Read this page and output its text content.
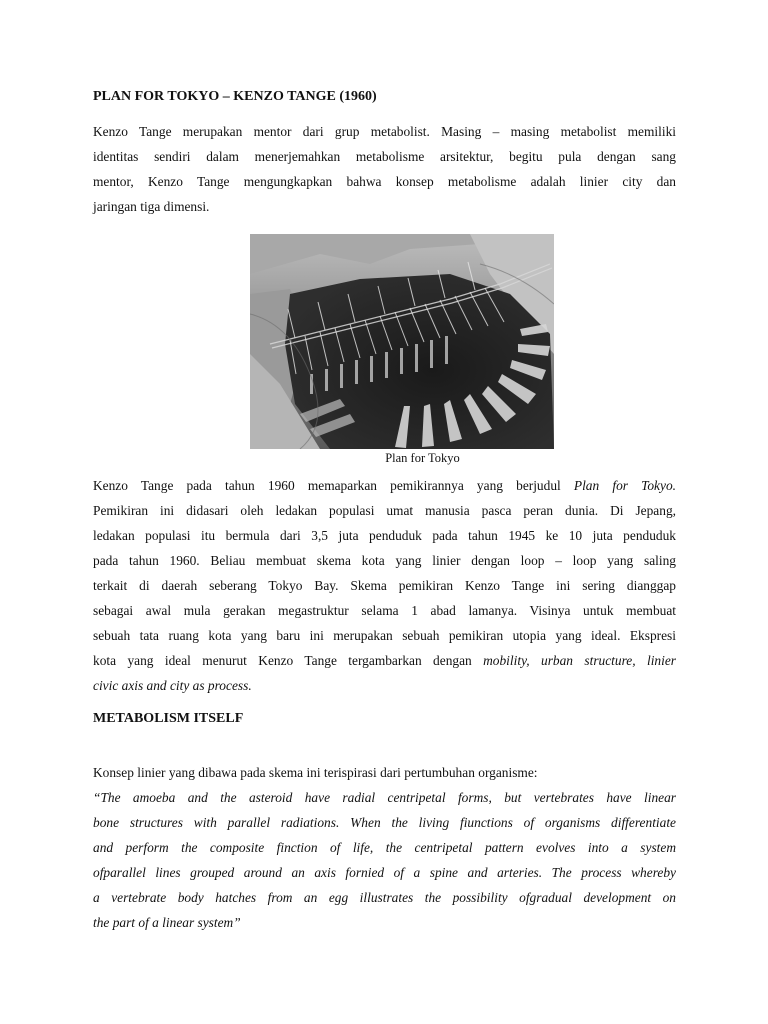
PLAN FOR TOKYO – KENZO TANGE (1960)
Kenzo Tange merupakan mentor dari grup metabolist. Masing – masing metabolist memiliki
identitas sendiri dalam menerjemahkan metabolisme arsitektur, begitu pula dengan sang
mentor, Kenzo Tange mengungkapkan bahwa konsep metabolisme adalah linier city dan
jaringan tiga dimensi.
Plan for Tokyo
Kenzo Tange pada tahun 1960 memaparkan pemikirannya yang berjudul Plan for Tokyo.
Pemikiran ini didasari oleh ledakan populasi umat manusia pasca peran dunia. Di Jepang,
ledakan populasi itu bermula dari 3,5 juta penduduk pada tahun 1945 ke 10 juta penduduk
pada tahun 1960. Beliau membuat skema kota yang linier dengan loop – loop yang saling
terkait di daerah seberang Tokyo Bay. Skema pemikiran Kenzo Tange ini sering dianggap
sebagai awal mula gerakan megastruktur selama 1 abad lamanya. Visinya untuk membuat
sebuah tata ruang kota yang baru ini merupakan sebuah pemikiran utopia yang ideal. Ekspresi
kota yang ideal menurut Kenzo Tange tergambarkan dengan mobility, urban structure, linier
civic axis and city as process.
METABOLISM ITSELF

Konsep linier yang dibawa pada skema ini terispirasi dari pertumbuhan organisme:

“The amoeba and the asteroid have radial centripetal forms, but vertebrates have linear
bone structures with parallel radiations. When the living fiunctions of organisms differentiate
and perform the composite finction of life, the centripetal pattern evolves into a system
ofparallel lines grouped around an axis fornied of a spine and arteries. The process whereby
a vertebrate body hatches from an egg illustrates the possibility ofgradual development on
the part of a linear system”
